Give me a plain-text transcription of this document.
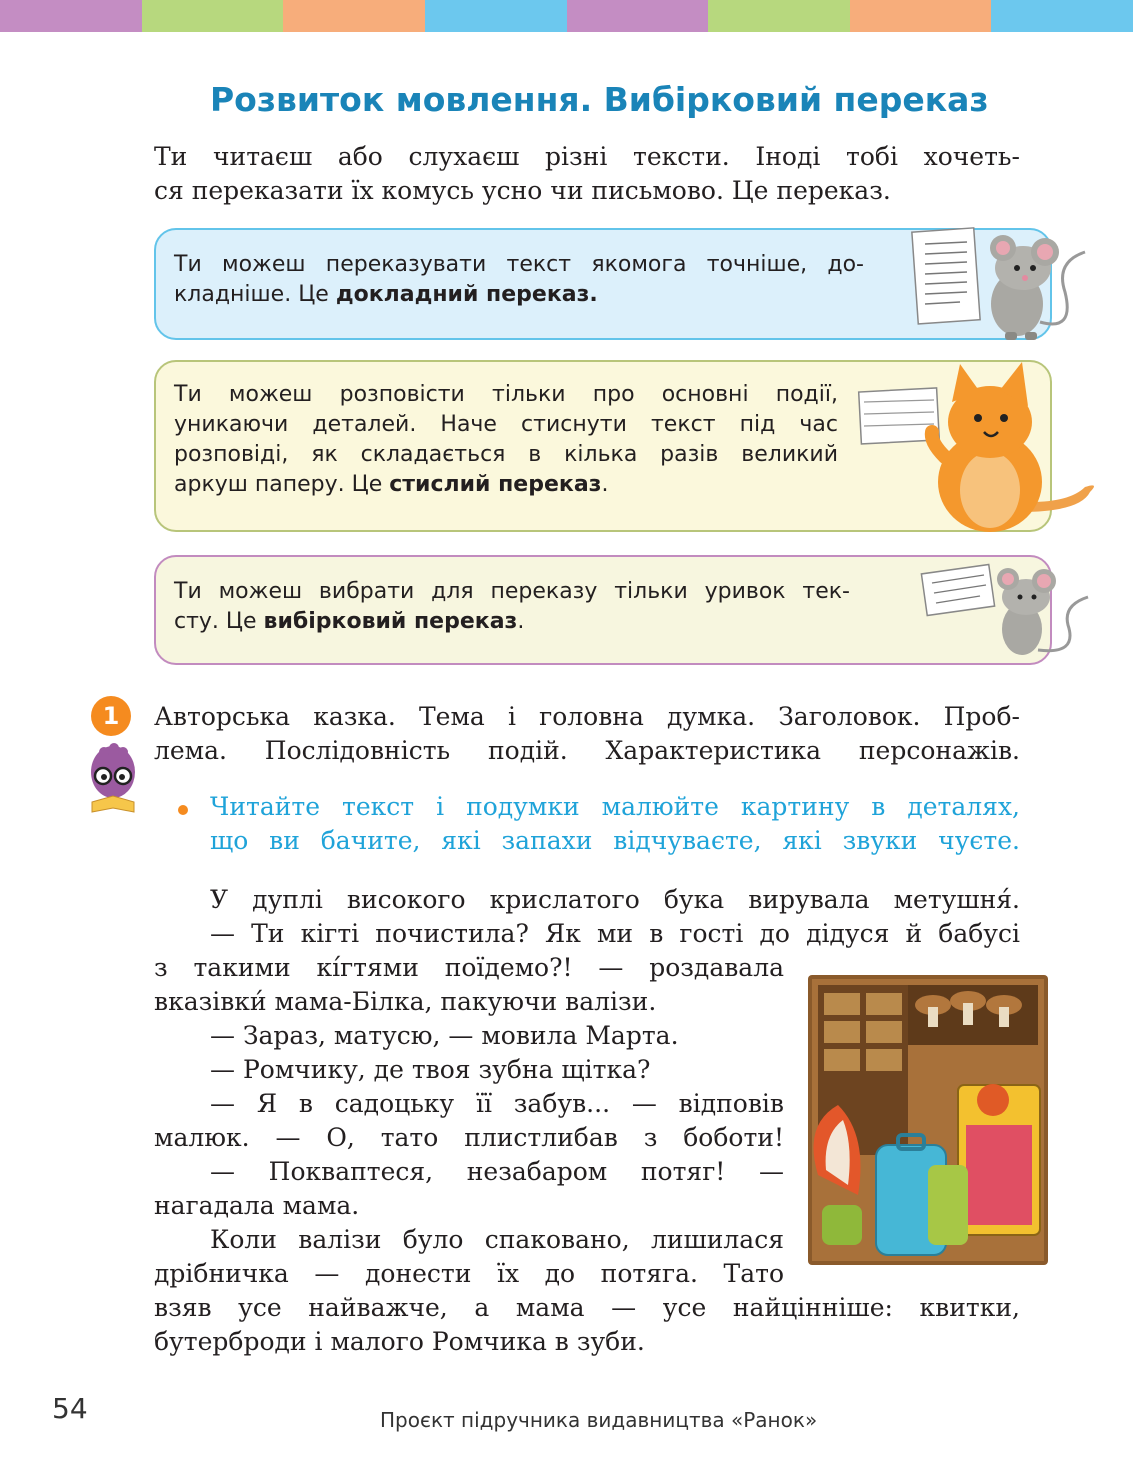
Розвиток мовлення. Вибірковий переказ
Ти читаєш або слухаєш різні тексти. Іноді тобі хочеть-
ся переказати їх комусь усно чи письмово. Це переказ.

Ти можеш переказувати текст якомога точніше, до-
кладніше. Це докладний переказ.

Ти можеш розповісти тільки про основні події,
уникаючи деталей. Наче стиснути текст під час
розповіді, як складається в кілька разів великий
аркуш паперу. Це стислий переказ.

Ти можеш вибрати для переказу тільки уривок тек-
сту. Це вибірковий переказ.

1	Авторська казка. Тема і головна думка. Заголовок. Проб-
лема. Послідовність подій. Характеристика персонажів.
Читайте текст і подумки малюйте картину в деталях,
що ви бачите, які запахи відчуваєте, які звуки чуєте.
У дуплі високого крислатого бука вирувала метушня́.
— Ти кігті почистила? Як ми в гості до дідуся й бабусі
з такими кі́гтями поїдемо?! — роздавала
вказівки́ мама-Білка, пакуючи валізи.
— Зараз, матусю, — мовила Марта.
— Ромчику, де твоя зубна щітка?
— Я в садоцьку її забув... — відповів
малюк. — О, тато плистлибав з боботи!
— Покваптеся, незабаром потяг! —
нагадала мама.
Коли валізи було спаковано, лишилася
дрібничка — донести їх до потяга. Тато
взяв усе найважче, а мама — усе найцінніше: квитки,
бутерброди і малого Ромчика в зуби.
54	Проєкт підручника видавництва «Ранок»
